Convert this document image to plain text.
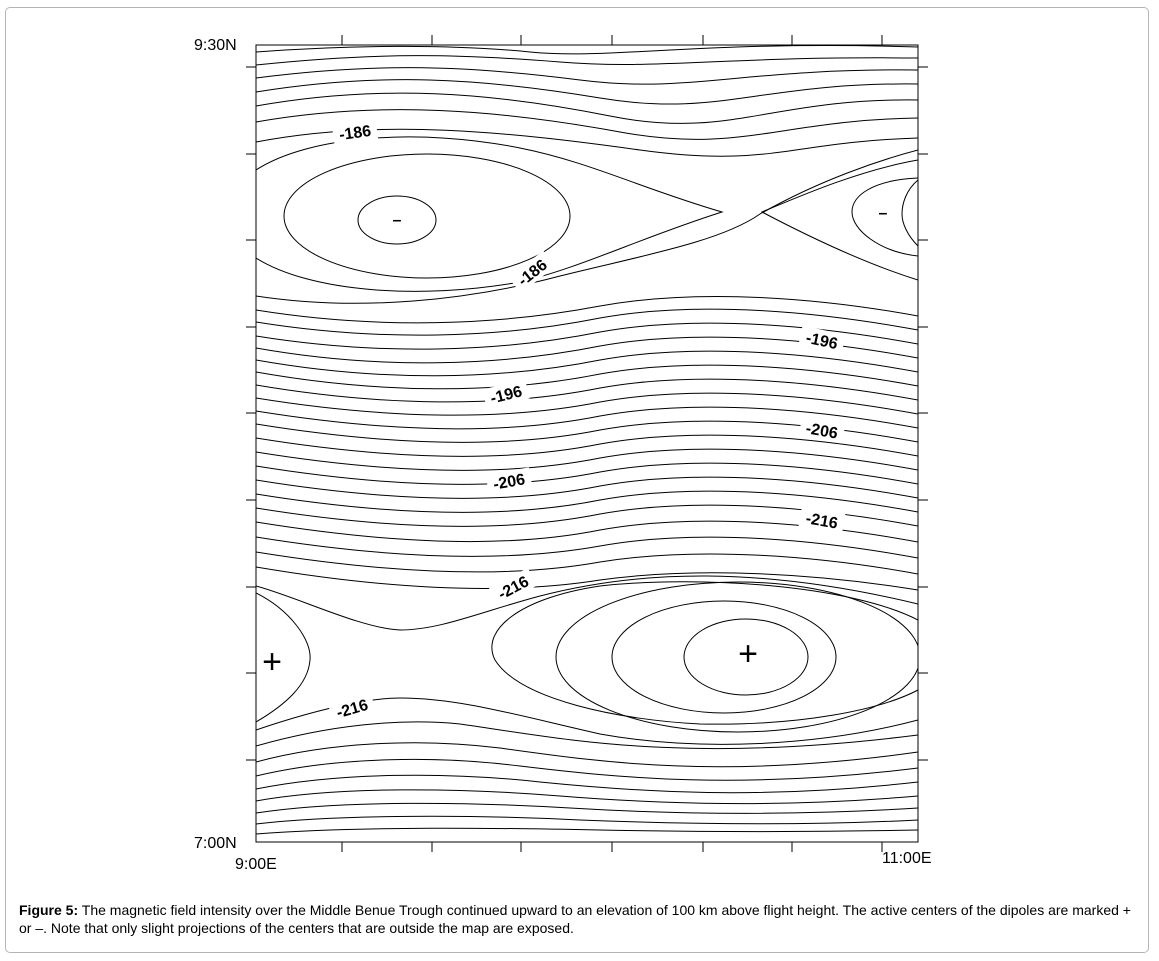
-186
-186
-196
-196
-206
-206
-216
-216
-216
–	–
+
+
9:30N
7:00N
9:00E	11:00E
Figure 5: The magnetic field intensity over the Middle Benue Trough continued upward to an elevation of 100 km above flight height. The active centers of the dipoles are marked + or –. Note that only slight projections of the centers that are outside the map are exposed.
